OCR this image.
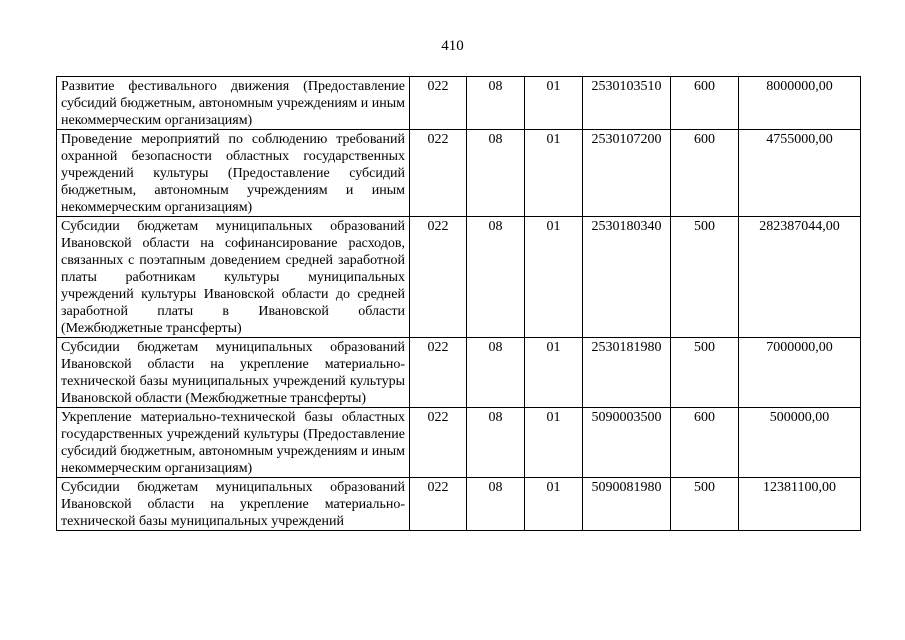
410
Развитие фестивального движения (Предоставление субсидий бюджетным, автономным учреждениям и иным некоммерческим организациям)	022	08	01	2530103510	600	8000000,00
Проведение мероприятий по соблюдению требований охранной безопасности областных государственных учреждений культуры (Предоставление субсидий бюджетным, автономным учреждениям и иным некоммерческим организациям)	022	08	01	2530107200	600	4755000,00
Субсидии бюджетам муниципальных образований Ивановской области на софинансирование расходов, связанных с поэтапным доведением средней заработной платы работникам культуры муниципальных учреждений культуры Ивановской области до средней заработной платы в Ивановской области (Межбюджетные трансферты)	022	08	01	2530180340	500	282387044,00
Субсидии бюджетам муниципальных образований Ивановской области на укрепление материально- технической базы муниципальных учреждений культуры Ивановской области (Межбюджетные трансферты)	022	08	01	2530181980	500	7000000,00
Укрепление материально-технической базы областных государственных учреждений культуры (Предоставление субсидий бюджетным, автономным учреждениям и иным некоммерческим организациям)	022	08	01	5090003500	600	500000,00
Субсидии бюджетам муниципальных образований Ивановской области на укрепление материально- технической базы муниципальных учреждений	022	08	01	5090081980	500	12381100,00
